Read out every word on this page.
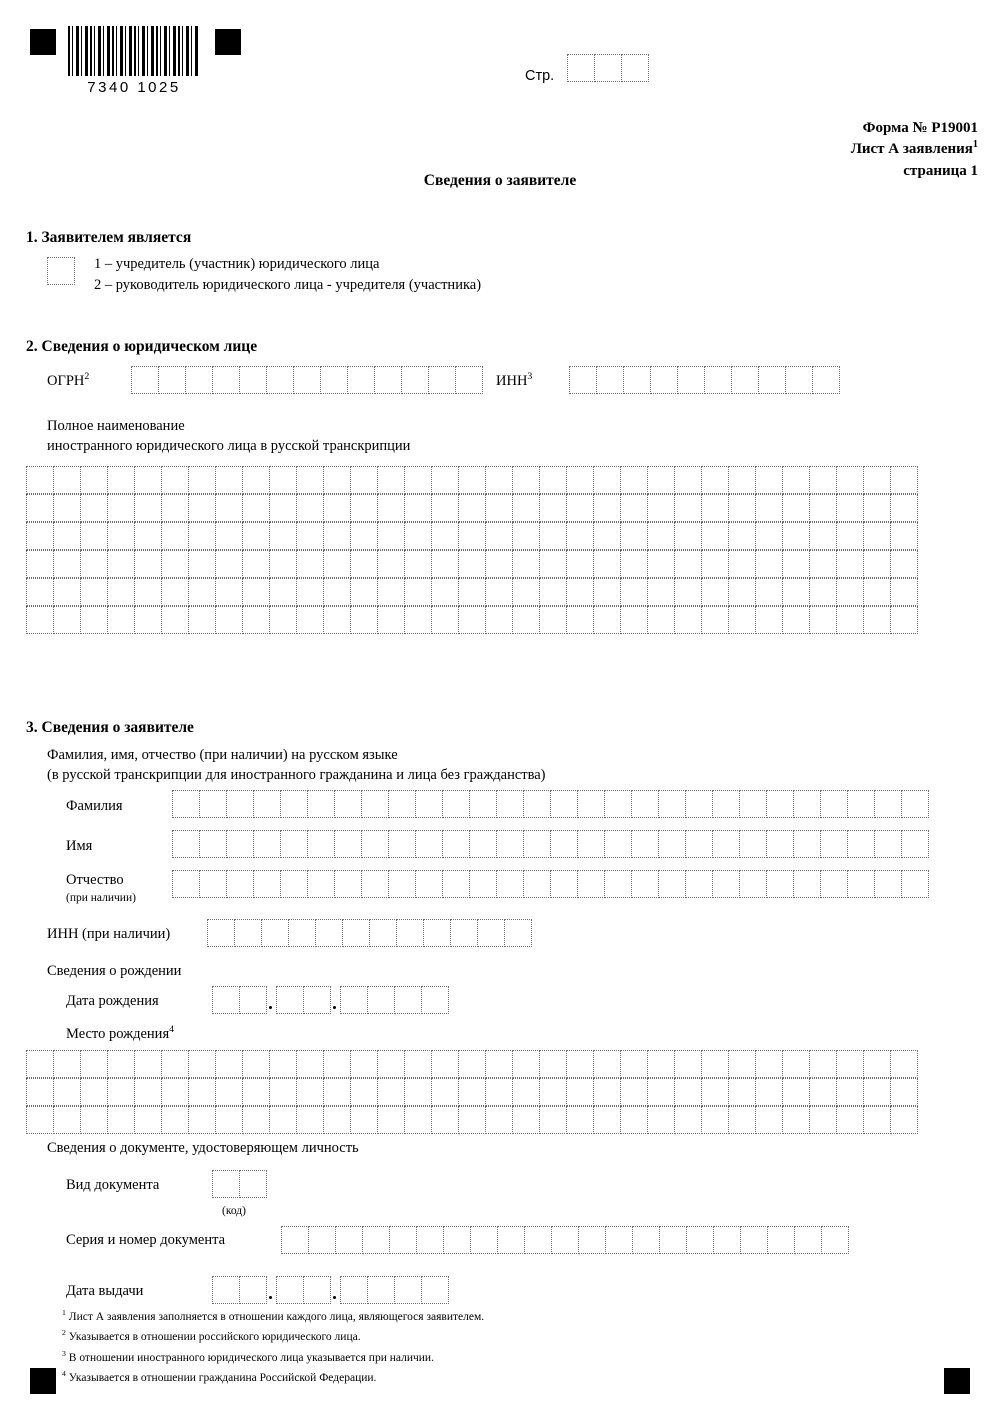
7340 1025
Стр.
Форма № Р19001
Лист А заявления$^1$
страница 1
Сведения о заявителе
1. Заявителем является
1 – учредитель (участник) юридического лица
2 – руководитель юридического лица - учредителя (участника)
2. Сведения о юридическом лице
ОГРН$^2$	ИНН$^3$
Полное наименование
иностранного юридического лица в русской транскрипции
3. Сведения о заявителе
Фамилия, имя, отчество (при наличии) на русском языке
(в русской транскрипции для иностранного гражданина и лица без гражданства)
Фамилия
Имя
Отчество
(при наличии)
ИНН (при наличии)
Сведения о рождении
Дата рождения
Место рождения$^4$
Сведения о документе, удостоверяющем личность
Вид документа
(код)
Серия и номер документа
Дата выдачи
$^1$ Лист А заявления заполняется в отношении каждого лица, являющегося заявителем.
$^2$ Указывается в отношении российского юридического лица.
$^3$ В отношении иностранного юридического лица указывается при наличии.
$^4$ Указывается в отношении гражданина Российской Федерации.
